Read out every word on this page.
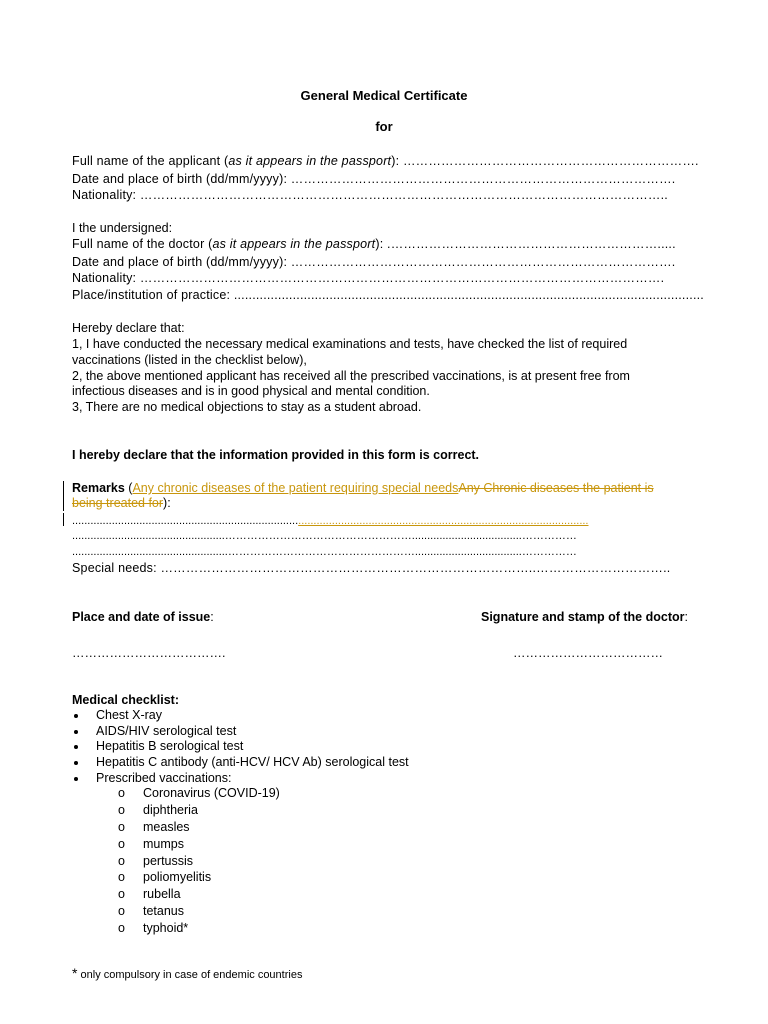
General Medical Certificate
for
Full name of the applicant (as it appears in the passport): …………………………………………………………….
Date and place of birth (dd/mm/yyyy): ……………………………………………………………………………….
Nationality: ……………………………………………………………………………………………………………..
I the undersigned:
Full name of the doctor (as it appears in the passport): .……………………………………………………….....
Date and place of birth (dd/mm/yyyy): ……………………………………………………………………………….
Nationality: …………………………………………………………………………………………………………….
Place/institution of practice: ................................................................................................................................
Hereby declare that:
1, I have conducted the necessary medical examinations and tests, have checked the list of required
vaccinations (listed in the checklist below),
2, the above mentioned applicant has received all the prescribed vaccinations, is at present free from
infectious diseases and is in good physical and mental condition.
3, There are no medical objections to stay as a student abroad.
I hereby declare that the information provided in this form is correct.
Remarks (Any chronic diseases of the patient requiring special needsAny Chronic diseases the patient is
being treated for):
.........................................................................................................................................................................
..................................................……………………………………………....................................……………
...................................................……………………………………………...................................……………
Special needs: ……………………………………………………………………………..…………………………..
Place and date of issue:	Signature and stamp of the doctor:
……………………………….	………………………………
Medical checklist:
Chest X-ray
AIDS/HIV serological test
Hepatitis B serological test
Hepatitis C antibody (anti-HCV/ HCV Ab) serological test
Prescribed vaccinations:
o Coronavirus (COVID-19)
o diphtheria
o measles
o mumps
o pertussis
o poliomyelitis
o rubella
o tetanus
o typhoid*
* only compulsory in case of endemic countries
